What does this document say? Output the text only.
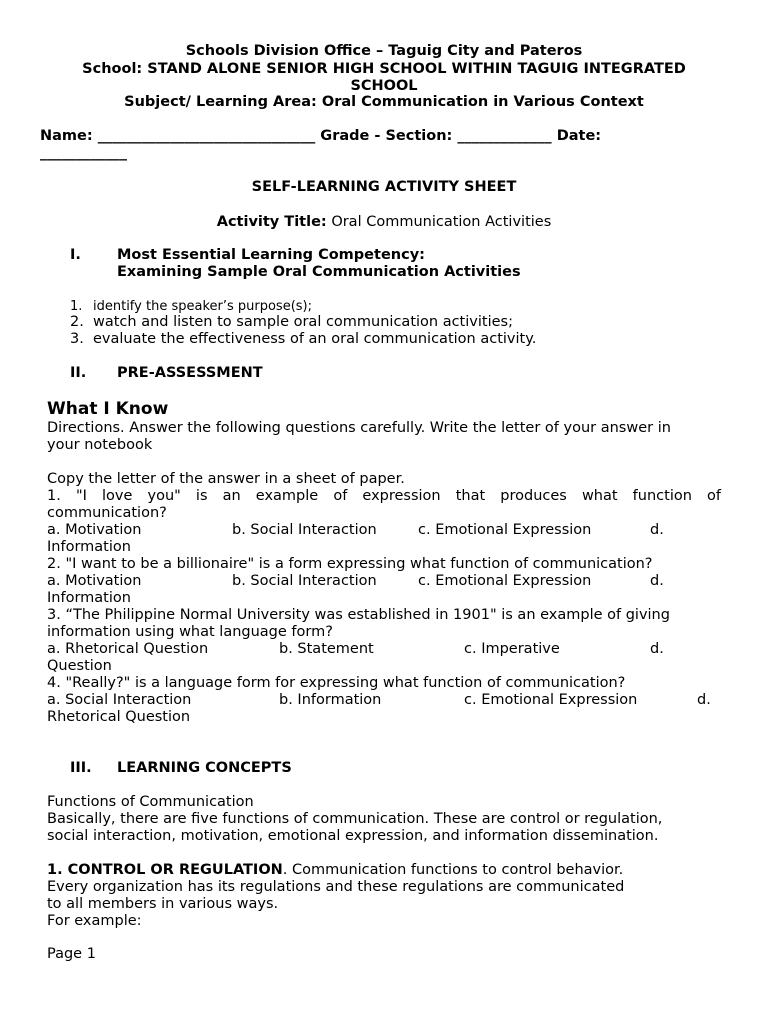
Schools Division Office – Taguig City and Pateros
School: STAND ALONE SENIOR HIGH SCHOOL WITHIN TAGUIG INTEGRATED
SCHOOL
Subject/ Learning Area: Oral Communication in Various Context
Name: ______________________________ Grade - Section: _____________ Date:
____________
SELF-LEARNING ACTIVITY SHEET
Activity Title: Oral Communication Activities
I. Most Essential Learning Competency:
Examining Sample Oral Communication Activities
1. identify the speaker’s purpose(s);
2. watch and listen to sample oral communication activities;
3. evaluate the effectiveness of an oral communication activity.
II. PRE-ASSESSMENT
What I Know
Directions. Answer the following questions carefully. Write the letter of your answer in
your notebook
Copy the letter of the answer in a sheet of paper.
1. "I love you" is an example of expression that produces what function of
communication?
a. Motivation	b. Social Interaction	c. Emotional Expression	d.
Information
2. "I want to be a billionaire" is a form expressing what function of communication?
a. Motivation	b. Social Interaction	c. Emotional Expression	d.
Information
3. “The Philippine Normal University was established in 1901" is an example of giving
information using what language form?
a. Rhetorical Question	b. Statement	c. Imperative	d.
Question
4. "Really?" is a language form for expressing what function of communication?
a. Social Interaction	b. Information	c. Emotional Expression	d.
Rhetorical Question
III. LEARNING CONCEPTS
Functions of Communication
Basically, there are five functions of communication. These are control or regulation,
social interaction, motivation, emotional expression, and information dissemination.
1. CONTROL OR REGULATION. Communication functions to control behavior.
Every organization has its regulations and these regulations are communicated
to all members in various ways.
For example:
Page 1
